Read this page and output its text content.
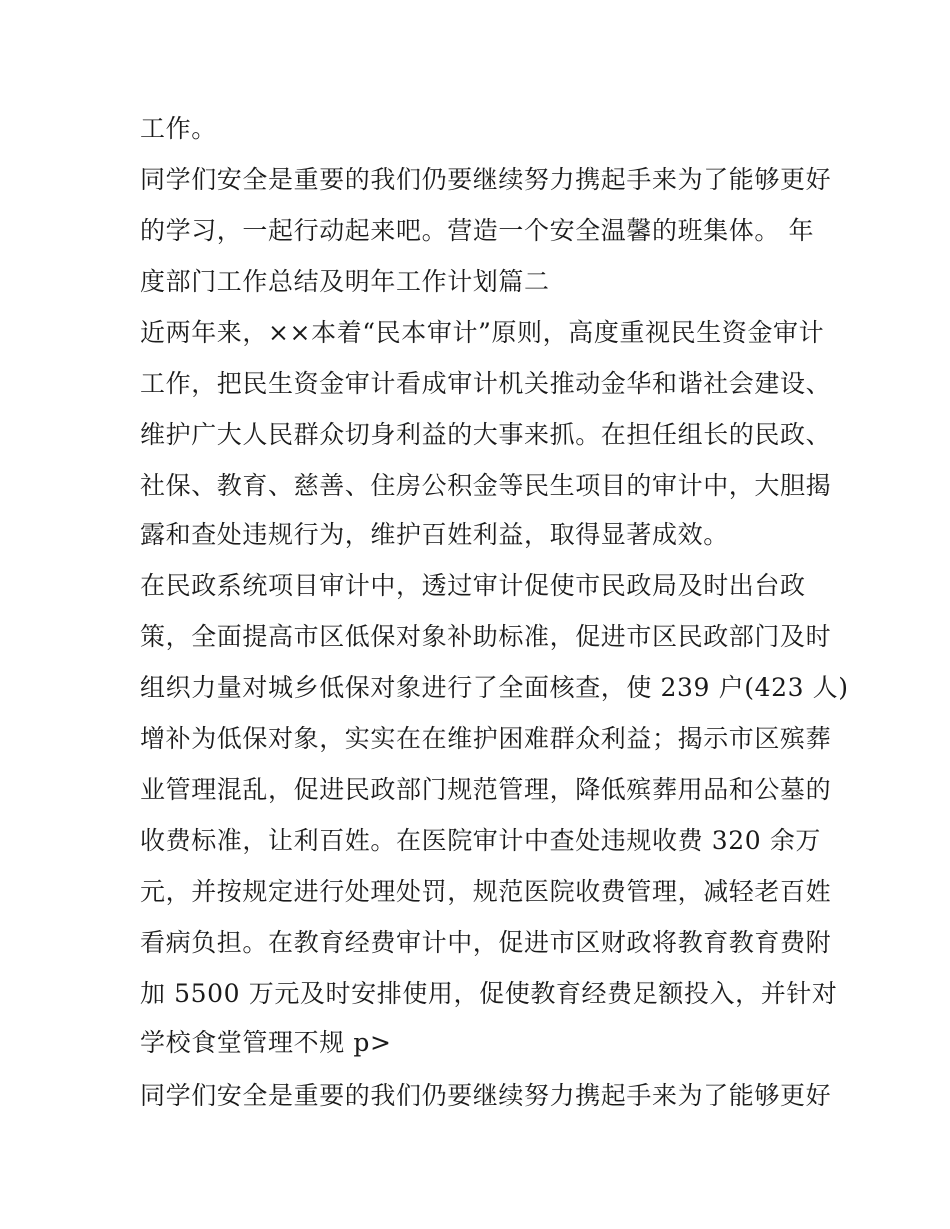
工作。
同学们安全是重要的我们仍要继续努力携起手来为了能够更好
的学习，一起行动起来吧。营造一个安全温馨的班集体。 年
度部门工作总结及明年工作计划篇二
近两年来，××本着“民本审计”原则，高度重视民生资金审计
工作，把民生资金审计看成审计机关推动金华和谐社会建设、
维护广大人民群众切身利益的大事来抓。在担任组长的民政、
社保、教育、慈善、住房公积金等民生项目的审计中，大胆揭
露和查处违规行为，维护百姓利益，取得显著成效。
在民政系统项目审计中，透过审计促使市民政局及时出台政
策，全面提高市区低保对象补助标准，促进市区民政部门及时
组织力量对城乡低保对象进行了全面核查，使 239 户(423 人)
增补为低保对象，实实在在维护困难群众利益；揭示市区殡葬
业管理混乱，促进民政部门规范管理，降低殡葬用品和公墓的
收费标准，让利百姓。在医院审计中查处违规收费 320 余万
元，并按规定进行处理处罚，规范医院收费管理，减轻老百姓
看病负担。在教育经费审计中，促进市区财政将教育教育费附
加 5500 万元及时安排使用，促使教育经费足额投入，并针对
学校食堂管理不规 p>
同学们安全是重要的我们仍要继续努力携起手来为了能够更好
